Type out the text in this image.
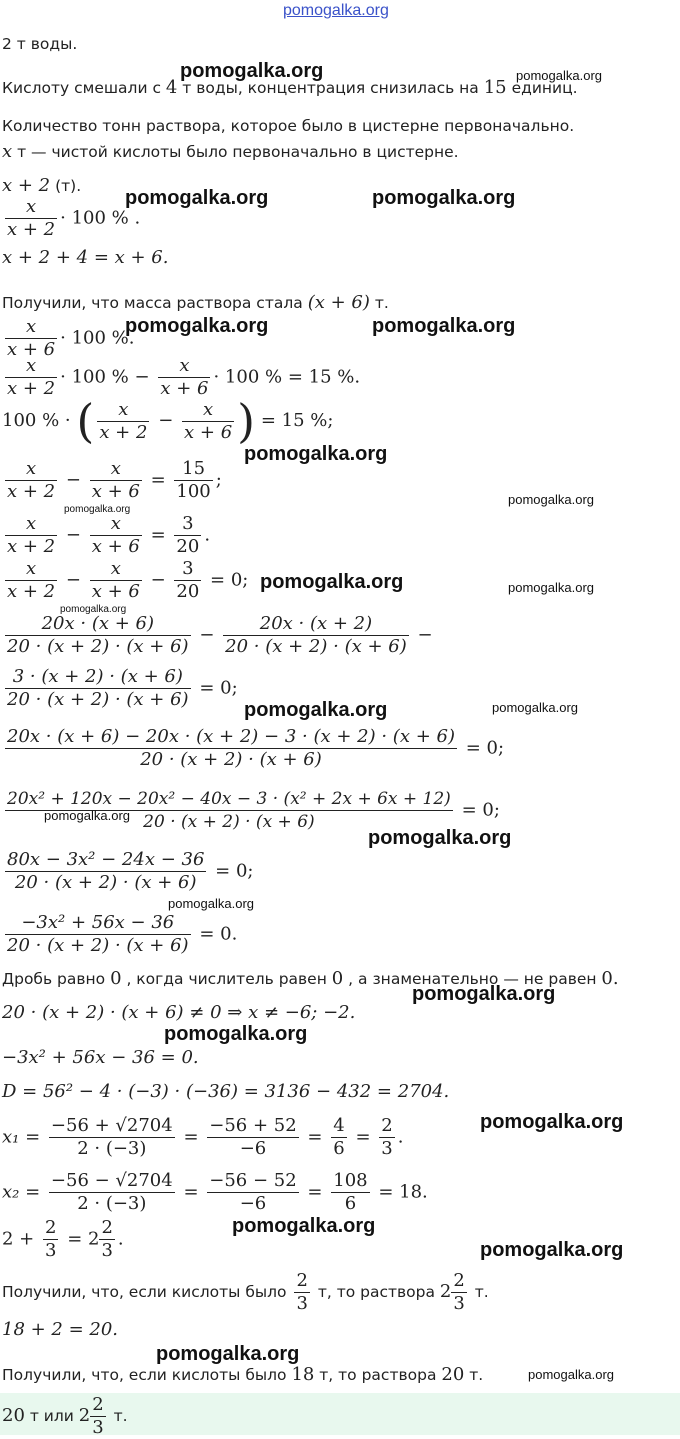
pomogalka.org
2 т воды.
Кислоту смешали с 4 т воды, концентрация снизилась на 15 единиц.
Количество тонн раствора, которое было в цистерне первоначально.
x т — чистой кислоты было первоначально в цистерне.
x + 2 (т).
$\frac{x}{x + 2} \cdot 100$ % .
x + 2 + 4 = x + 6.
Получили, что масса раствора стала (x + 6) т.
$\frac{x}{x + 6} \cdot 100$ %.
$\frac{x}{x + 2} \cdot 100$ % − $\frac{x}{x + 6} \cdot 100$ % = 15 %.
100 % · ( $\frac{x}{x + 2} - \frac{x}{x + 6}$ ) = 15 %;
$\frac{x}{x + 2} - \frac{x}{x + 6} = \frac{15}{100}$ ;
$\frac{x}{x + 2} - \frac{x}{x + 6} = \frac{3}{20}$ .
$\frac{x}{x + 2} - \frac{x}{x + 6} - \frac{3}{20} = 0$;
$\frac{20x \cdot (x + 6)}{20 \cdot (x + 2) \cdot (x + 6)} - \frac{20x \cdot (x + 2)}{20 \cdot (x + 2) \cdot (x + 6)}$ −
$\frac{3 \cdot (x + 2) \cdot (x + 6)}{20 \cdot (x + 2) \cdot (x + 6)} = 0$;
$\frac{20x \cdot (x + 6) - 20x \cdot (x + 2) - 3 \cdot (x + 2) \cdot (x + 6)}{20 \cdot (x + 2) \cdot (x + 6)} = 0$;
$\frac{\text{20x² + 120x − 20x² − 40x − 3 · (x² + 2x + 6x + 12)}}{20 \cdot (x + 2) \cdot (x + 6)} = 0$;
$\frac{\text{80x − 3x² − 24x − 36}}{20 \cdot (x + 2) \cdot (x + 6)} = 0$;
$\frac{\text{−3x² + 56x − 36}}{20 \cdot (x + 2) \cdot (x + 6)} = 0$.
Дробь равно 0 , когда числитель равен 0 , а знаменательно — не равен 0.
20 · (x + 2) · (x + 6) ≠ 0 ⇒ x ≠ −6; −2.
−3x² + 56x − 36 = 0.
D = 56² − 4 · (−3) · (−36) = 3136 − 432 = 2704.
$x_1 = \frac{-56 + √2704}{2 \cdot (-3)} = \frac{-56 + 52}{-6} = \frac{4}{6} = \frac{2}{3}$ .
$x_2 = \frac{-56 - √2704}{2 \cdot (-3)} = \frac{-56 - 52}{-6} = \frac{108}{6} = 18$.
$2 + \frac{2}{3} = 2 \frac{2}{3}$ .
Получили, что, если кислоты было $\frac{2}{3} т$, то раствора $2 \frac{2}{3} т$.
18 + 2 = 20.
Получили, что, если кислоты было 18 т, то раствора 20 т.
20 т или $2 \frac{2}{3} т$.
pomogalka.org	pomogalka.org
pomogalka.org	pomogalka.org
pomogalka.org	pomogalka.org
pomogalka.org
pomogalka.org
pomogalka.org
pomogalka.org	pomogalka.org
pomogalka.org
pomogalka.org	pomogalka.org
pomogalka.org
pomogalka.org
pomogalka.org
pomogalka.org
pomogalka.org
pomogalka.org
pomogalka.org
pomogalka.org
pomogalka.org
pomogalka.org
